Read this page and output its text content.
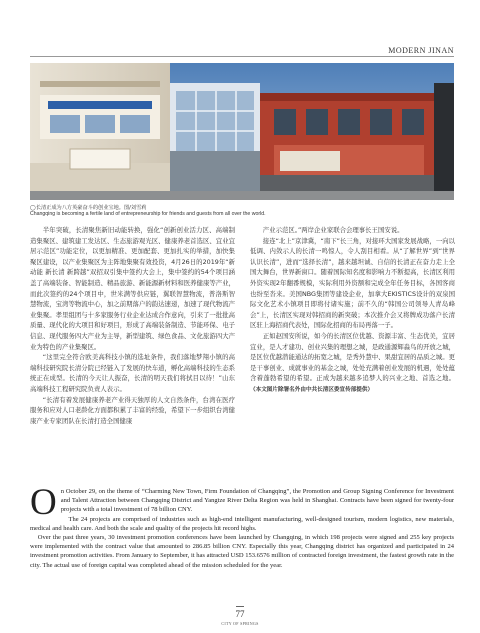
MODERN JINAN
◯长清正成为八方英豪奋斗的创业宝地。图/刘雪莉
Changqing is becoming a fertile land of entrepreneurship for friends and guests from all over the world.

半年突破，长清聚焦新旧动能转换，强化“创新创业活力区、高端制造集聚区、建筑建工发达区、生态旅游观光区、健康养老首选区、宜业宜居示范区”功能定位，以更加精准、更加配套、更加扎实的举措，加快集聚区建设，以产业集聚区为主阵地集聚有效投资，4月26日的2019年“新动能 新长清 新跨越”双招双引集中签约大会上，集中签约的54个项目涵盖了高端装备、智能制造、精品旅游、新能源新材料和医养健康等产业，而此次签约的24个项目中，世米满等供应链，翼联智慧物流，普洛斯智慧物流，宝湾等物流中心，加之前期落户的韵达速递，加速了现代物流产业集聚。孝里组团与十多家服务行业企业达成合作意向，引来了一批批高质量、现代化的大项目和好项目，形成了高端装备制造、节能环保、电子信息、现代服务四大产业为主导，新型建筑、绿色食品、文化旅游四大产业为特色的产业集聚区。

“这里完全符合欧美高科技小镇的选址条件，我们落地梦翔小镇的高端科技研究院长清分院已经链入了发展的快车道，孵化高端科技的生态系统正在成型。长清的今天让人振奋，长清的明天我们将拭目以待！”山东高端科技工程研究院负责人表示。

“长清有着发展健康养老产业得天独厚的人文自然条件，台湾在医疗服务和应对人口老龄化方面都积累了丰富的经验，希望下一步组织台湾健康产业专家团队在长清打造全国健康

产业示范区。”两岸企业家联合会理事长王国安说。

接连“北上”京津冀，“南下”长三角，对接环大国家发展战略，一向以低调、内敛示人的长清一鸣惊人，令人刮目相看。从“了解世界”到“世界认识长清”，进而“选择长清”，越来越坦诚、自信的长清正在奋力走上全国大舞台，世界新窗口。随着国际知名度和影响力不断提高，长清区利用外资实现2年翻番规模，实际利用外资额和完成全年任务目标，各国客商也纷至沓来。美国NBG集团等建设企业，加拿大EKISTICS设计的双泉国际文化艺术小镇项目即将付诸实施；前不久的“韩国公司领导人青岛峰会”上，长清区实现对韩招商的新突破；本次推介会又将牌成功落户长清区驻上海招商代表处，国际化招商的布局再落一子。

正如赵国安所说，如今的长清区位优越、资源丰富、生态优美，宜居宜业，是人才建功、创业兴集的理想之城，是政通源辉淼鸟的开放之城，是区位优越潜能通达的拓宽之城，是秀外慧中、果甜宜居的品质之城。更是干事创业、成就事业的基金之城，处处充满着创业发展的机遇，处处蕴含着蓬勃希望的希望。正成为越来越多追梦人的兴业之地、首选之地。（本文图片除署名外由中共长清区委宣传部提供）

On October 29, on the theme of “Charming New Town, Firm Foundation of Changqing”, the Promotion and Group Signing Conference for Investment and Talent Attraction between Changqing District and Yangtze River Delta Region was held in Shanghai. Contracts have been signed for twenty-four projects with a total investment of 78 billion CNY.

The 24 projects are comprised of industries such as high-end intelligent manufacturing, well-designed tourism, modern logistics, new materials, medical and health care. And both the scale and quality of the projects hit record highs.

Over the past three years, 30 investment promotion conferences have been launched by Changqing, in which 198 projects were signed and 255 key projects were implemented with the contract value that amounted to 286.85 billion CNY. Especially this year, Changqing district has organized and participated in 24 investment promotion activities. From January to September, it has attracted USD 153.6576 million of contracted foreign investment, the fastest growth rate in the city. The actual use of foreign capital was completed ahead of the mission scheduled for the year.

77
CITY OF SPRINGS
